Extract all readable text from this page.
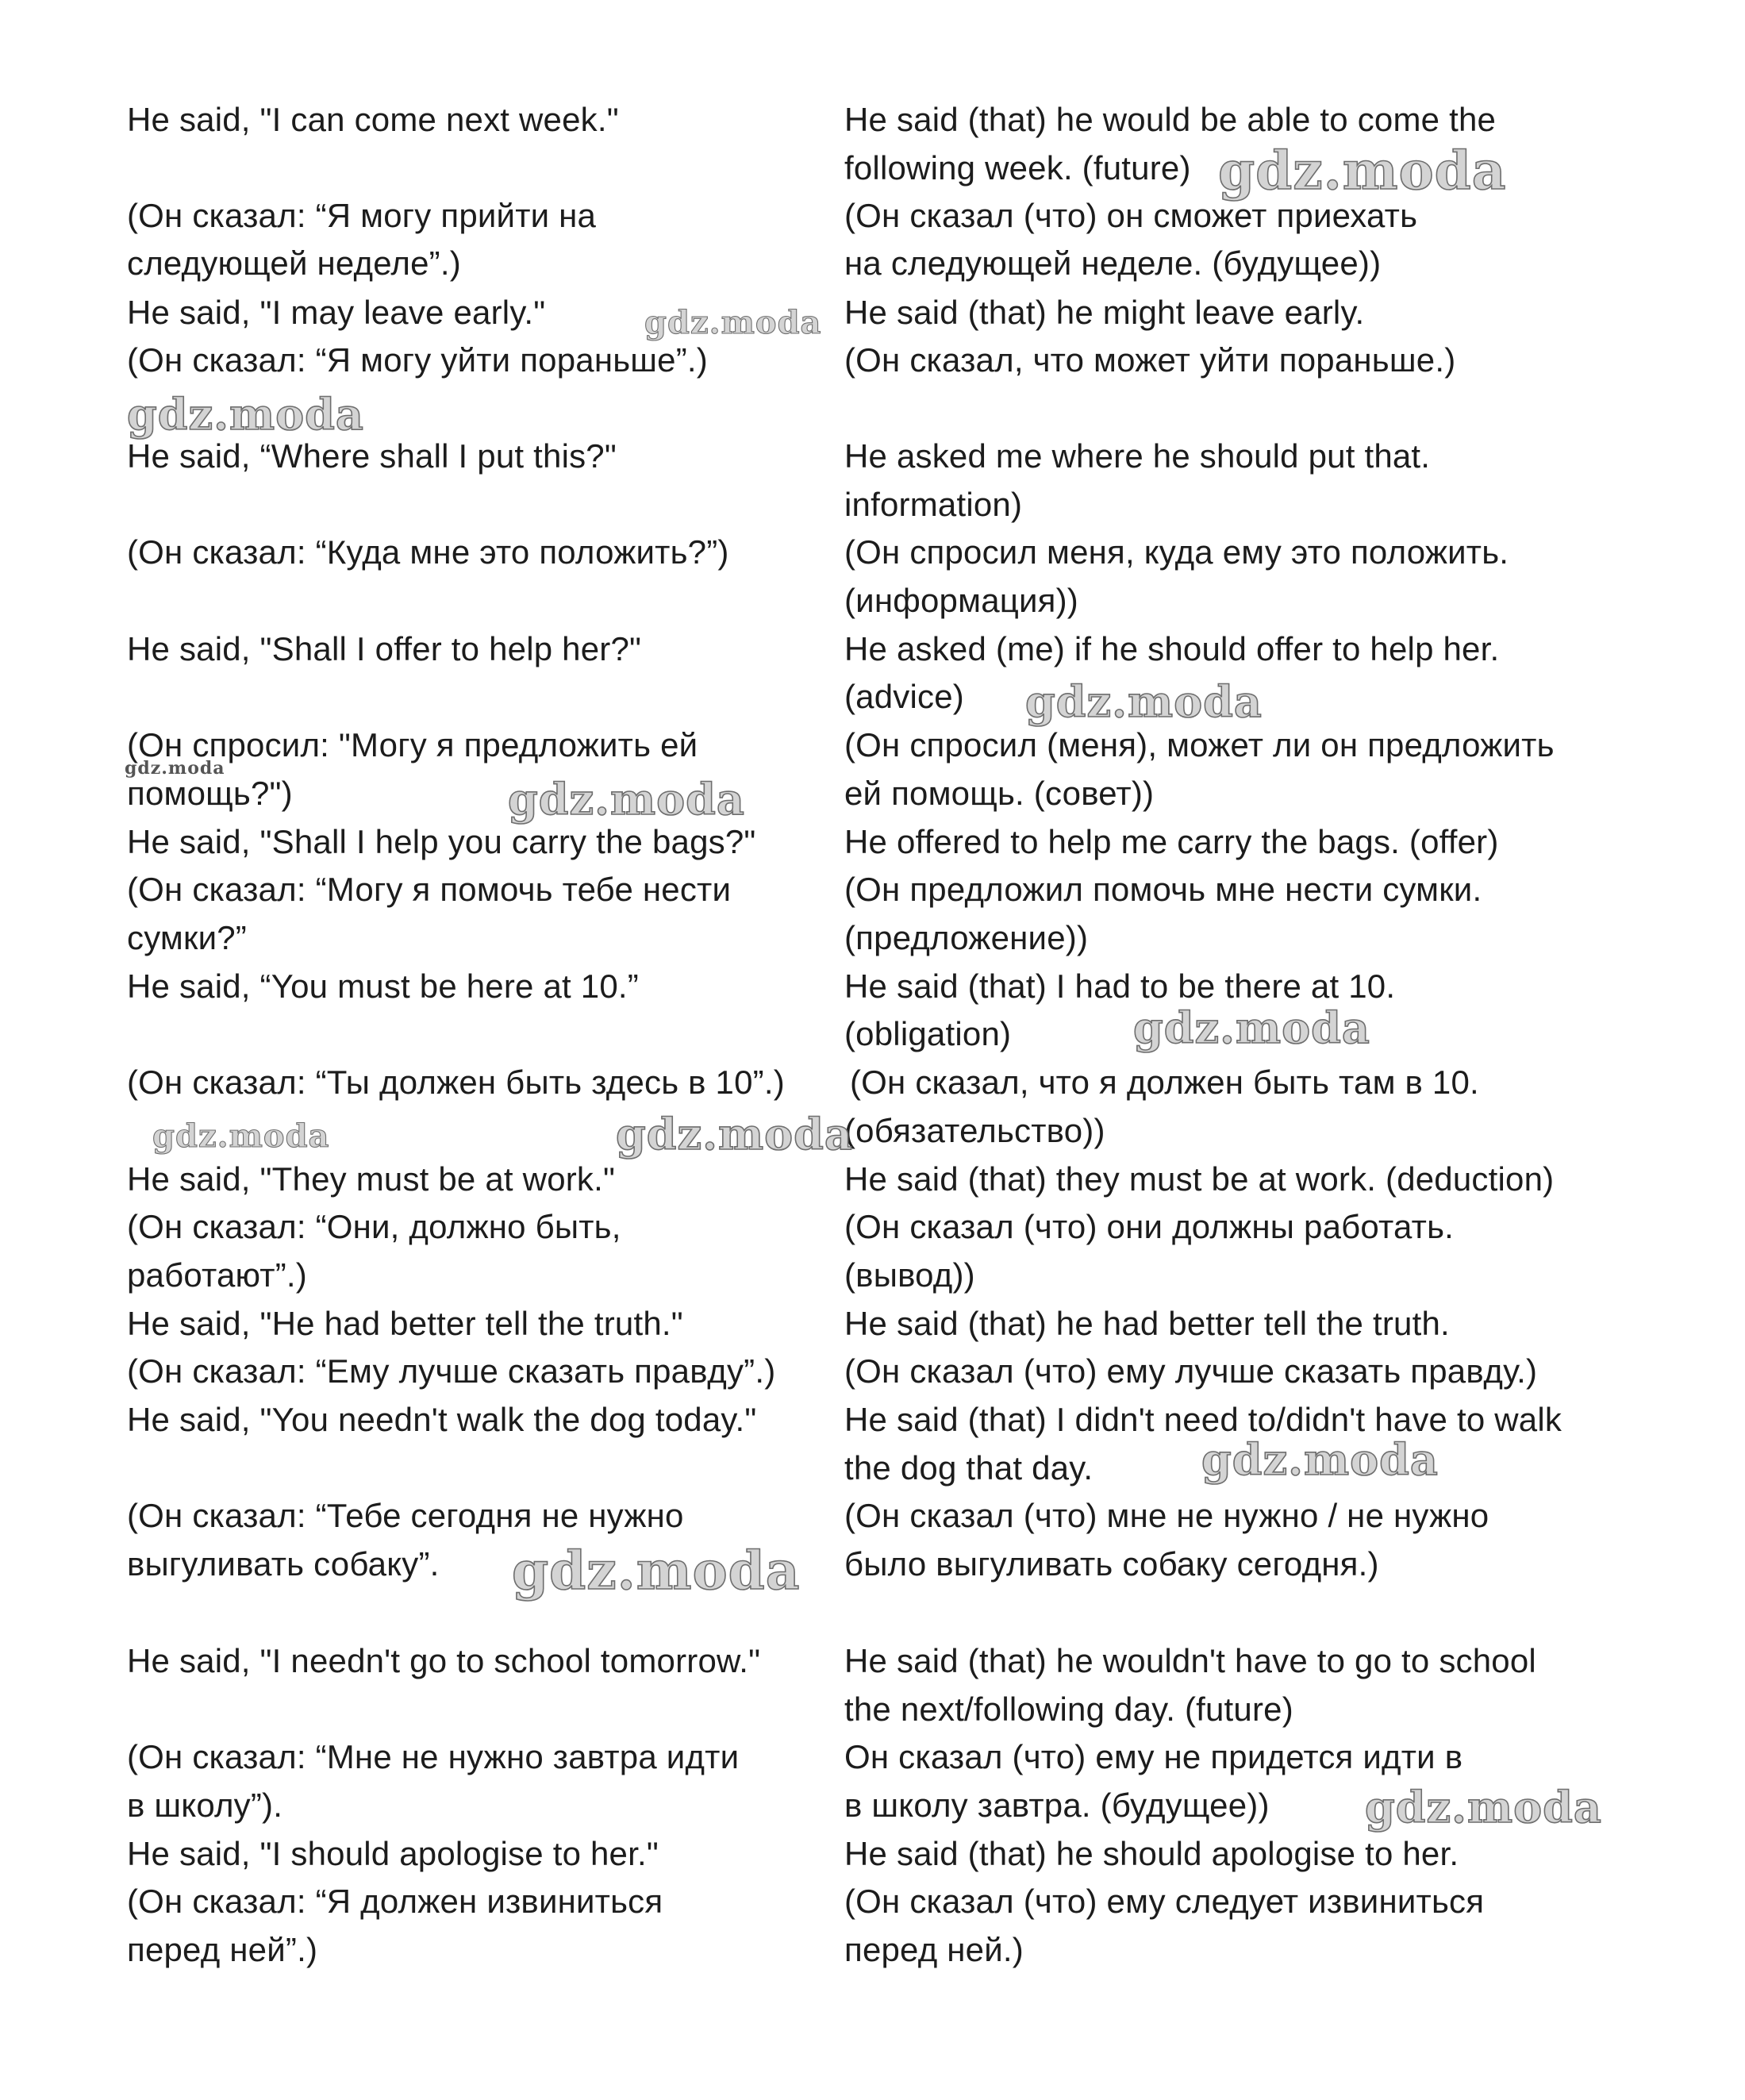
He said, "I can come next week."
(Он сказал: “Я могу прийти на
следующей неделе”.)
He said, "I may leave early."
(Он сказал: “Я могу уйти пораньше”.)
He said, “Where shall I put this?"
(Он сказал: “Куда мне это положить?”)
He said, "Shall I offer to help her?"
(Он спросил: "Могу я предложить ей
помощь?")
He said, "Shall I help you carry the bags?"
(Он сказал: “Могу я помочь тебе нести
сумки?”
He said, “You must be here at 10.”
(Он сказал: “Ты должен быть здесь в 10”.)
He said, "They must be at work."
(Он сказал: “Они, должно быть,
работают”.)
He said, "He had better tell the truth."
(Он сказал: “Ему лучше сказать правду”.)
He said, "You needn't walk the dog today."
(Он сказал: “Тебе сегодня не нужно
выгуливать собаку”.
He said, "I needn't go to school tomorrow."
(Он сказал: “Мне не нужно завтра идти
в школу”).
He said, "I should apologise to her."
(Он сказал: “Я должен извиниться
перед ней”.)
He said (that) he would be able to come the
following week. (future)
(Он сказал (что) он сможет приехать
на следующей неделе. (будущее))
He said (that) he might leave early.
(Он сказал, что может уйти пораньше.)
He asked me where he should put that.
information)
(Он спросил меня, куда ему это положить.
(информация))
He asked (me) if he should offer to help her.
(advice)
(Он спросил (меня), может ли он предложить
ей помощь. (совет))
He offered to help me carry the bags. (offer)
(Он предложил помочь мне нести сумки.
(предложение))
He said (that) I had to be there at 10.
(obligation)
(Он сказал, что я должен быть там в 10.
(обязательство))
He said (that) they must be at work. (deduction)
(Он сказал (что) они должны работать.
(вывод))
He said (that) he had better tell the truth.
(Он сказал (что) ему лучше сказать правду.)
He said (that) I didn't need to/didn't have to walk
the dog that day.
(Он сказал (что) мне не нужно / не нужно
было выгуливать собаку сегодня.)
He said (that) he wouldn't have to go to school
the next/following day. (future)
Он сказал (что) ему не придется идти в
в школу завтра. (будущее))
He said (that) he should apologise to her.
(Он сказал (что) ему следует извиниться
перед ней.)
gdz.moda
gdz.moda
gdz.moda
gdz.moda
gdz.moda
gdz.moda
gdz.moda
gdz.moda	gdz.moda
gdz.moda
gdz.moda
gdz.moda
